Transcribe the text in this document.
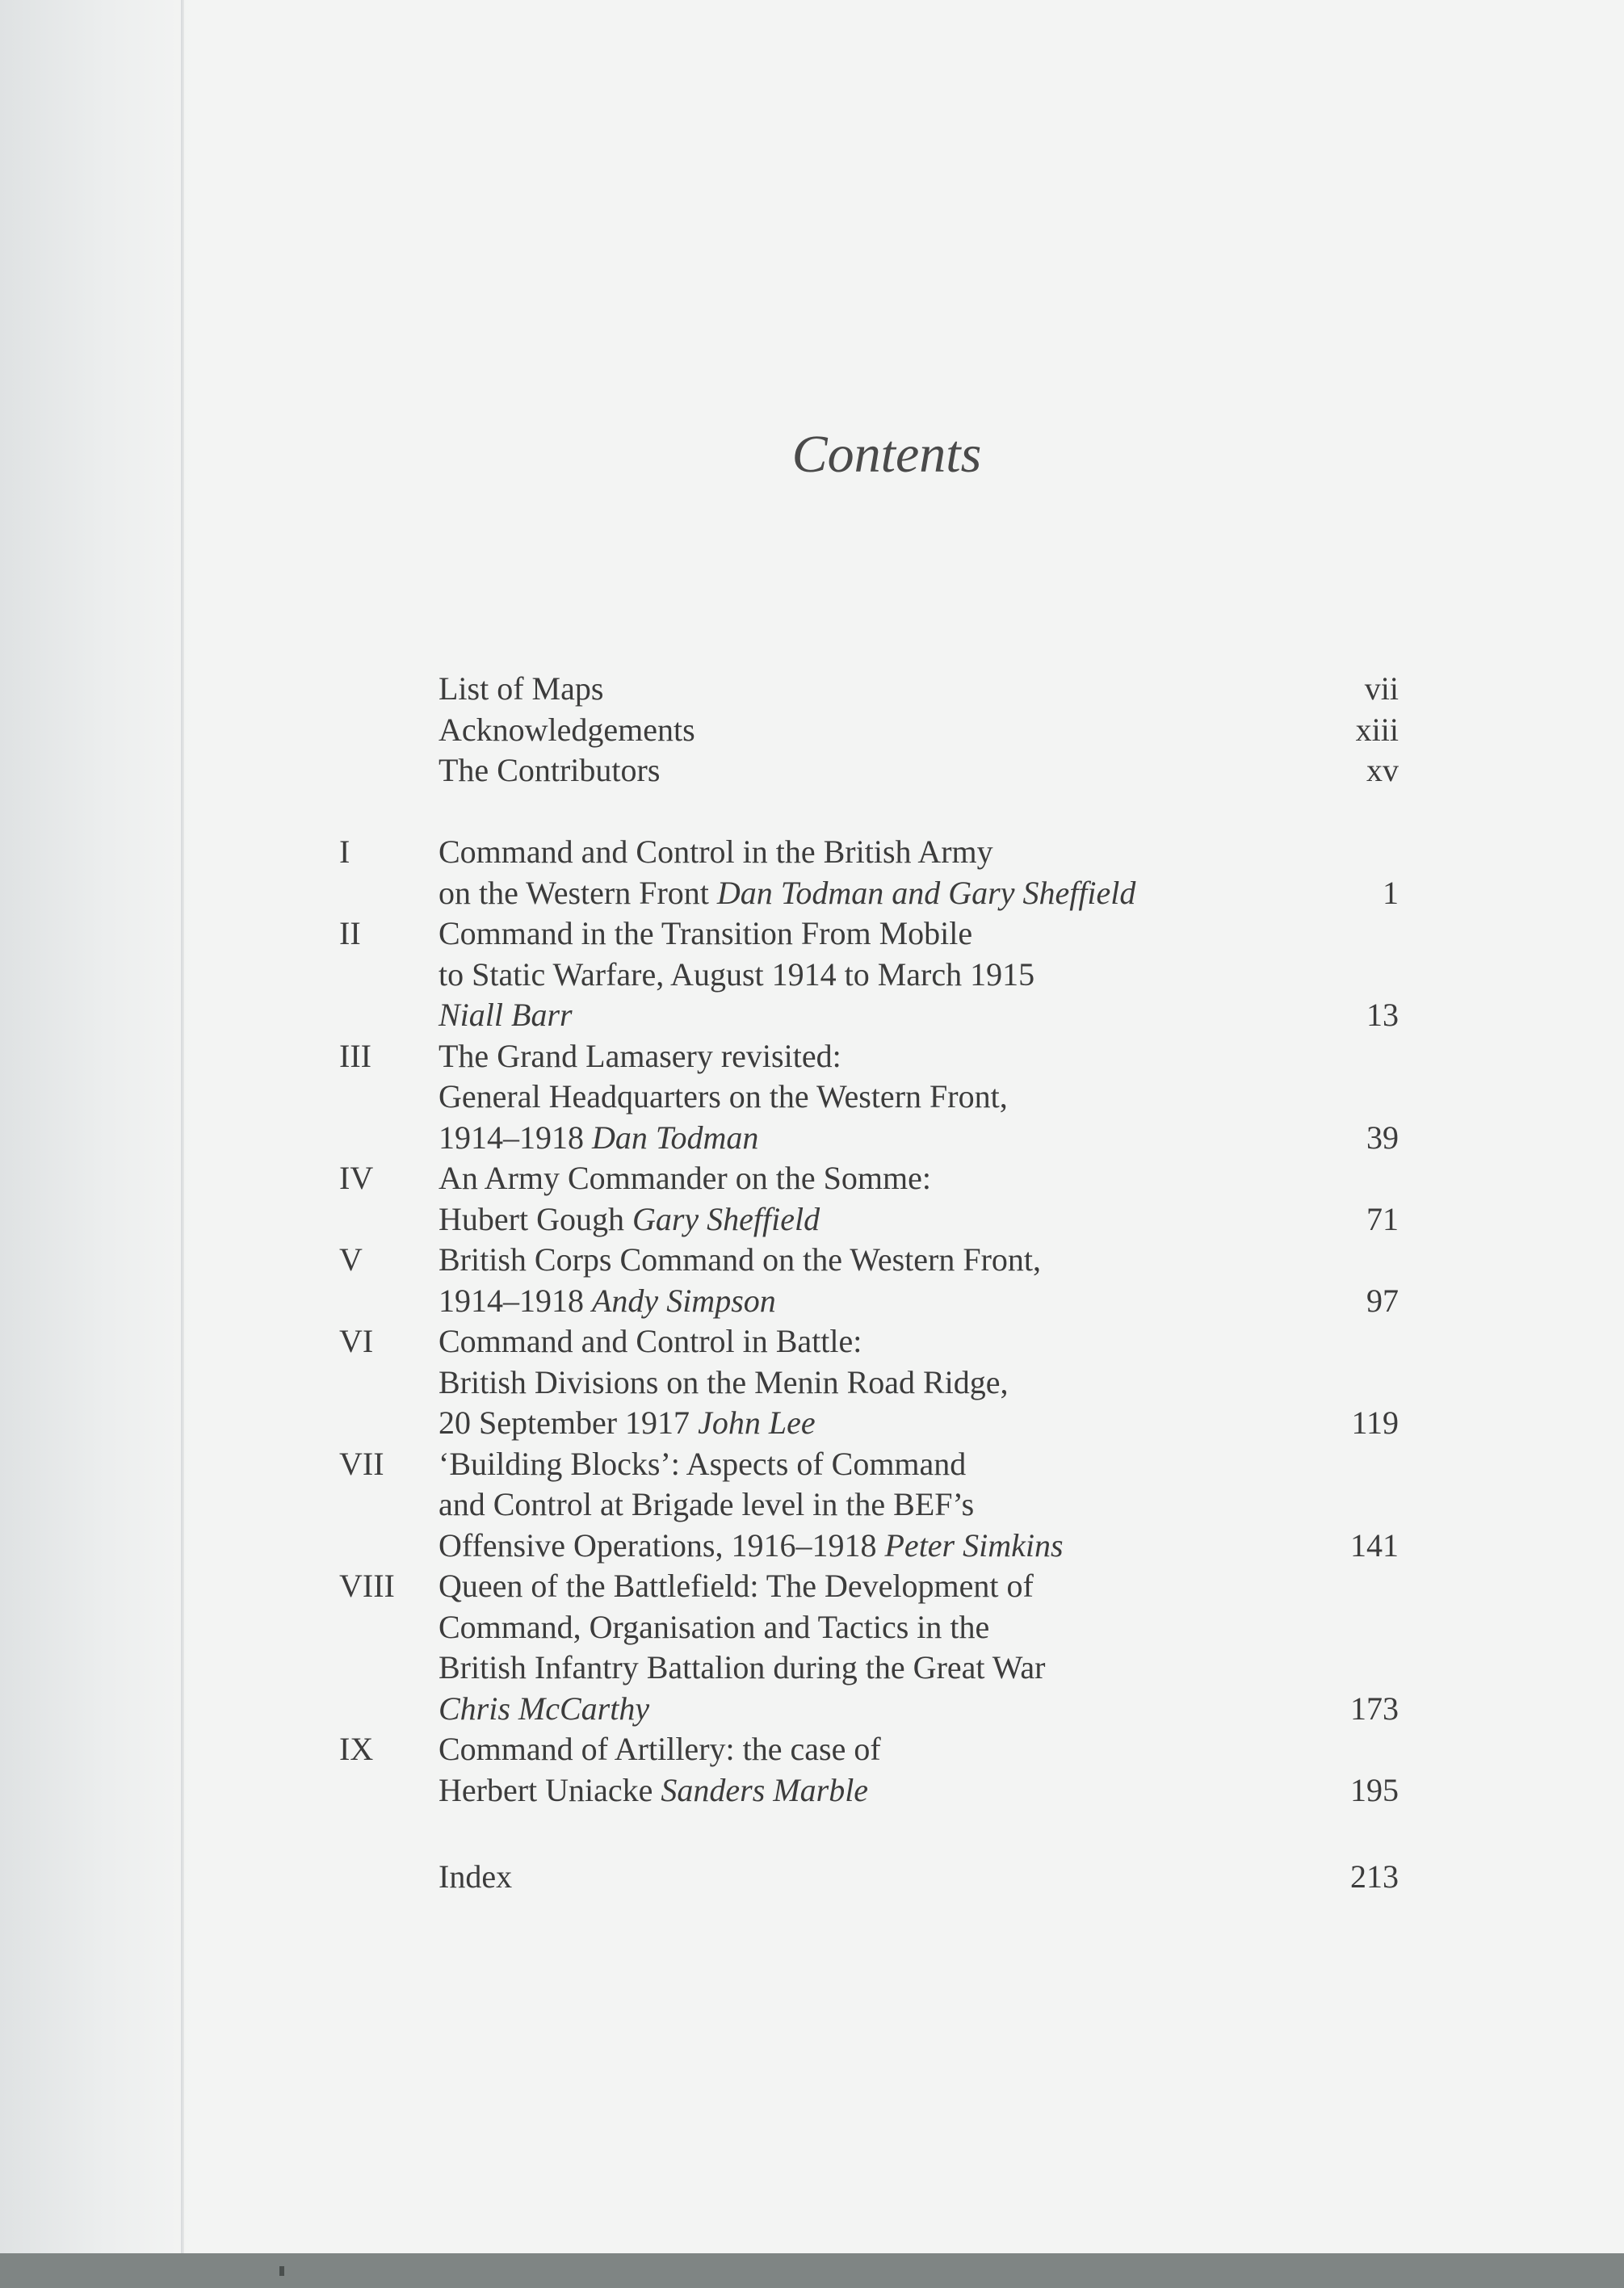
Contents
List of Maps	vii
Acknowledgements	xiii
The Contributors	xv
I	Command and Control in the British Army
on the Western Front Dan Todman and Gary Sheffield	1
II Command in the Transition From Mobile
to Static Warfare, August 1914 to March 1915
Niall Barr	13
III The Grand Lamasery revisited:
General Headquarters on the Western Front,
1914–1918 Dan Todman	39
IV An Army Commander on the Somme:
Hubert Gough Gary Sheffield	71
V British Corps Command on the Western Front,
1914–1918 Andy Simpson	97
VI Command and Control in Battle:
British Divisions on the Menin Road Ridge,
20 September 1917 John Lee	119
VII ‘Building Blocks’: Aspects of Command
and Control at Brigade level in the BEF’s
Offensive Operations, 1916–1918 Peter Simkins	141
VIII Queen of the Battlefield: The Development of
Command, Organisation and Tactics in the
British Infantry Battalion during the Great War
Chris McCarthy	173
IX Command of Artillery: the case of
Herbert Uniacke Sanders Marble	195
Index	213
